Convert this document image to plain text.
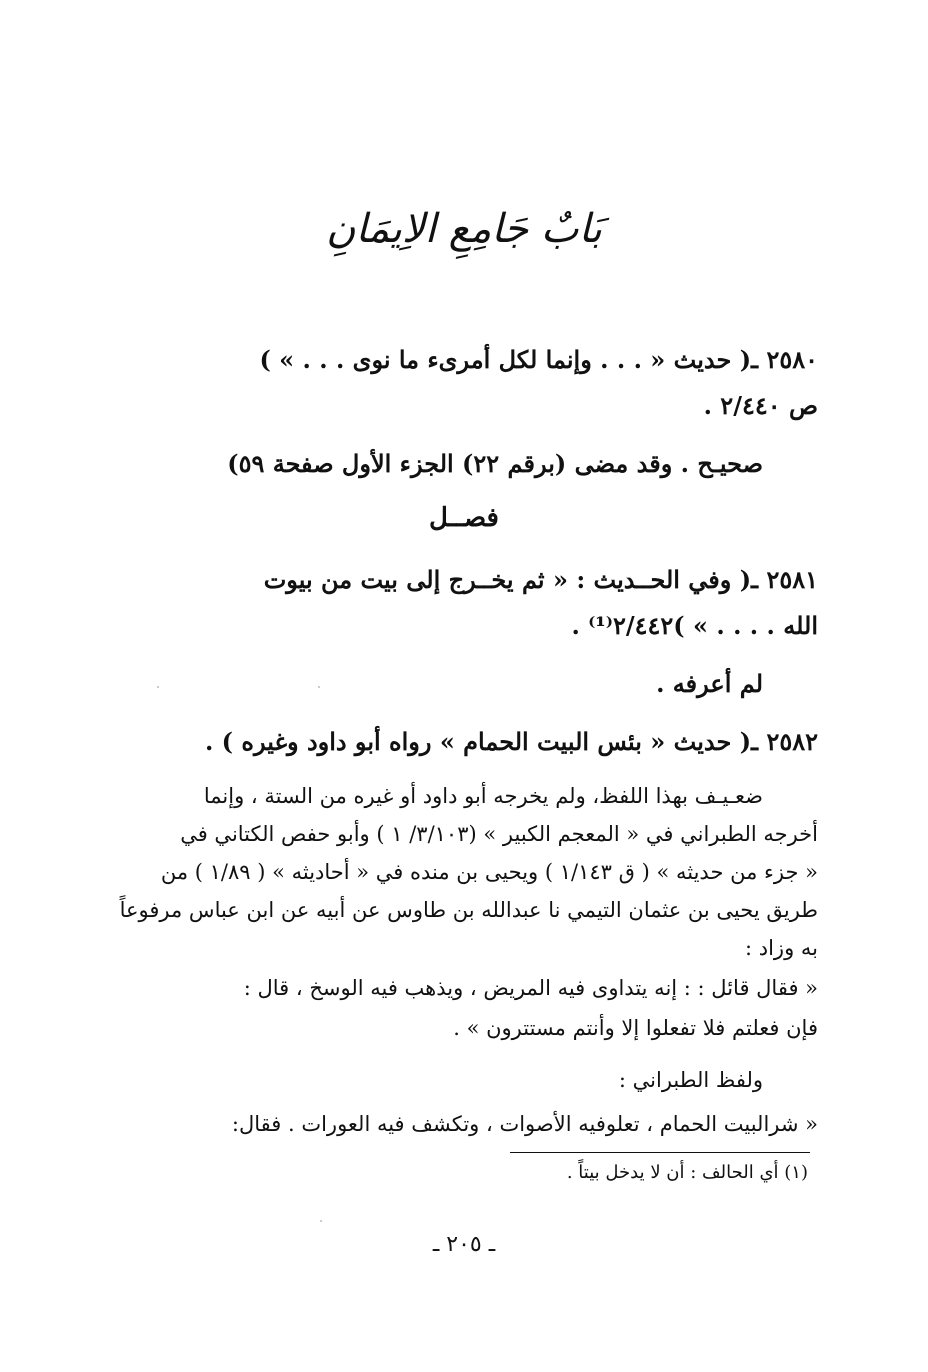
بَابٌ جَامِعِ الاِيمَانِ
٢٥٨٠ ـ( حديث « . . . وإنما لكل أمرىء ما نوى . . . » )
ص ٢/٤٤٠ .
صحيـح . وقد مضى (برقم ٢٢) الجزء الأول صفحة ٥٩)
فصــل
٢٥٨١ ـ( وفي الحــديث : « ثم يخــرج إلى بيت من بيوت
الله . . . . » )٢/٤٤٢⁽¹⁾ .
لم أعرفه .
٢٥٨٢ ـ( حديث « بئس البيت الحمام » رواه أبو داود وغيره ) .
ضعـيـف بهذا اللفظ، ولم يخرجه أبو داود أو غيره من الستة ، وإنما
أخرجه الطبراني في « المعجم الكبير » (٣/١٠٣/ ١ ) وأبو حفص الكتاني في
« جزء من حديثه » ( ق ١/١٤٣ ) ويحيى بن منده في « أحاديثه » ( ١/٨٩ ) من
طريق يحيى بن عثمان التيمي نا عبدالله بن طاوس عن أبيه عن ابن عباس مرفوعاً
به وزاد :
« فقال قائل : : إنه يتداوى فيه المريض ، ويذهب فيه الوسخ ، قال :
فإن فعلتم فلا تفعلوا إلا وأنتم مستترون » .
ولفظ الطبراني :
« شرالبيت الحمام ، تعلوفيه الأصوات ، وتكشف فيه العورات . فقال:
(١) أي الحالف : أن لا يدخل بيتاً .
ـ ٢٠٥ ـ
